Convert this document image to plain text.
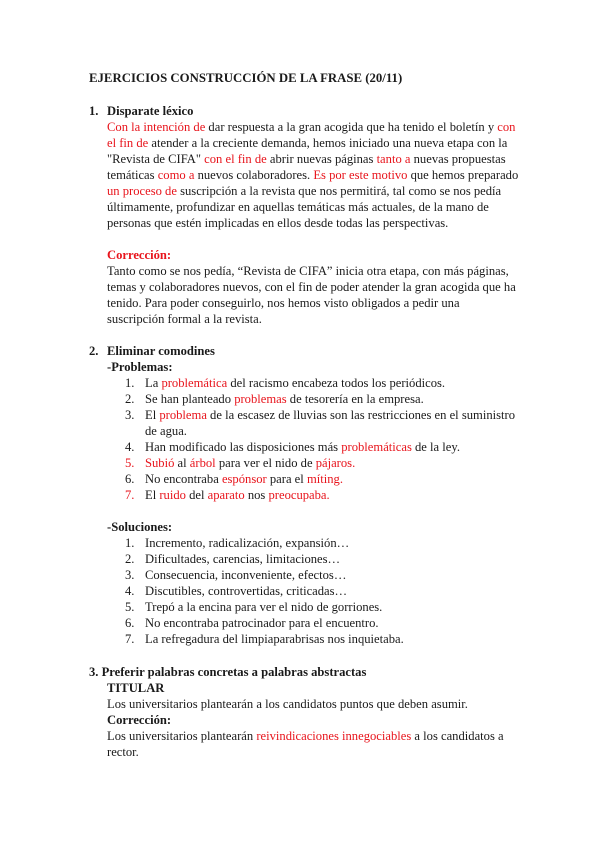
EJERCICIOS CONSTRUCCIÓN DE LA FRASE (20/11)
1. Disparate léxico
Con la intención de dar respuesta a la gran acogida que ha tenido el boletín y con el fin de atender a la creciente demanda, hemos iniciado una nueva etapa con la "Revista de CIFA" con el fin de abrir nuevas páginas tanto a nuevas propuestas temáticas como a nuevos colaboradores. Es por este motivo que hemos preparado un proceso de suscripción a la revista que nos permitirá, tal como se nos pedía últimamente, profundizar en aquellas temáticas más actuales, de la mano de personas que estén implicadas en ellos desde todas las perspectivas.
Corrección:
Tanto como se nos pedía, “Revista de CIFA” inicia otra etapa, con más páginas, temas y colaboradores nuevos, con el fin de poder atender la gran acogida que ha tenido. Para poder conseguirlo, nos hemos visto obligados a pedir una suscripción formal a la revista.
2. Eliminar comodines
-Problemas:
1. La problemática del racismo encabeza todos los periódicos.
2. Se han planteado problemas de tesorería en la empresa.
3. El problema de la escasez de lluvias son las restricciones en el suministro de agua.
4. Han modificado las disposiciones más problemáticas de la ley.
5. Subió al árbol para ver el nido de pájaros.
6. No encontraba espónsor para el míting.
7. El ruido del aparato nos preocupaba.
-Soluciones:
1. Incremento, radicalización, expansión…
2. Dificultades, carencias, limitaciones…
3. Consecuencia, inconveniente, efectos…
4. Discutibles, controvertidas, criticadas…
5. Trepó a la encina para ver el nido de gorriones.
6. No encontraba patrocinador para el encuentro.
7. La refregadura del limpiaparabrisas nos inquietaba.
3. Preferir palabras concretas a palabras abstractas
TITULAR
Los universitarios plantearán a los candidatos puntos que deben asumir.
Corrección:
Los universitarios plantearán reivindicaciones innegociables a los candidatos a rector.
